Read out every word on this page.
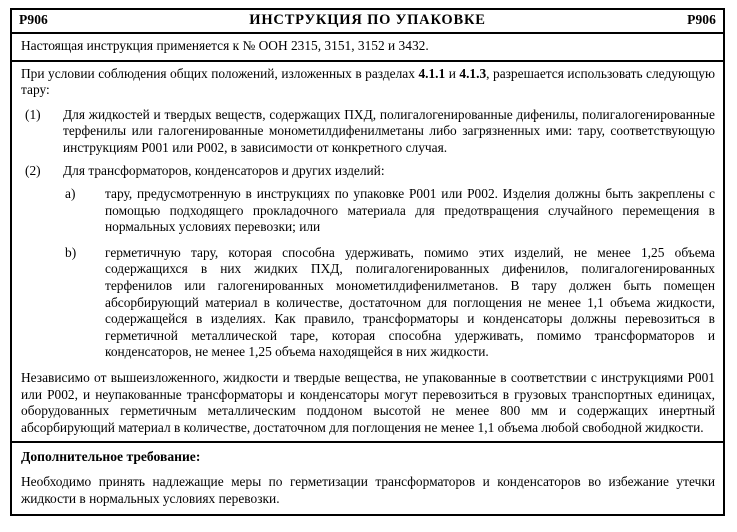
P906	ИНСТРУКЦИЯ ПО УПАКОВКЕ	P906

Настоящая инструкция применяется к № ООН 2315, 3151, 3152 и 3432.

При условии соблюдения общих положений, изложенных в разделах 4.1.1 и 4.1.3, разрешается использовать следующую тару:

(1)	Для жидкостей и твердых веществ, содержащих ПХД, полигалогенированные дифенилы, полигалогенированные терфенилы или галогенированные монометилдифенилметаны либо загрязненных ими: тару, соответствующую инструкциям P001 или P002, в зависимости от конкретного случая.
(2)	Для трансформаторов, конденсаторов и других изделий:
a)	тару, предусмотренную в инструкциях по упаковке P001 или P002. Изделия должны быть закреплены с помощью подходящего прокладочного материала для предотвращения случайного перемещения в нормальных условиях перевозки; или
b)	герметичную тару, которая способна удерживать, помимо этих изделий, не менее 1,25 объема содержащихся в них жидких ПХД, полигалогенированных дифенилов, полигалогенированных терфенилов или галогенированных монометилдифенилметанов. В тару должен быть помещен абсорбирующий материал в количестве, достаточном для поглощения не менее 1,1 объема жидкости, содержащейся в изделиях. Как правило, трансформаторы и конденсаторы должны перевозиться в герметичной металлической таре, которая способна удерживать, помимо трансформаторов и конденсаторов, не менее 1,25 объема находящейся в них жидкости.

Независимо от вышеизложенного, жидкости и твердые вещества, не упакованные в соответствии с инструкциями P001 или P002, и неупакованные трансформаторы и конденсаторы могут перевозиться в грузовых транспортных единицах, оборудованных герметичным металлическим поддоном высотой не менее 800 мм и содержащих инертный абсорбирующий материал в количестве, достаточном для поглощения не менее 1,1 объема любой свободной жидкости.

Дополнительное требование:

Необходимо принять надлежащие меры по герметизации трансформаторов и конденсаторов во избежание утечки жидкости в нормальных условиях перевозки.
